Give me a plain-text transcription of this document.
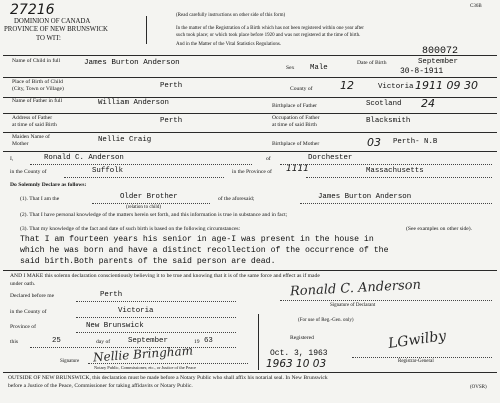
27216
DOMINION OF CANADA
PROVINCE OF NEW BRUNSWICK
TO WIT:
(Read carefully instructions on other side of this form)
C36B
In the matter of the Registration of a Birth which has not been registered within one year after
such took place; or which took place before 1920 and was not registered at the time of birth.
And in the Matter of the Vital Statistics Regulations.
800072
Name of Child in full	James Burton Anderson
Sex Male
Date of Birth	September
30-8-1911
Place of Birth of Child
(City, Town or Village)	Perth	County of 12	Victoria 1911 09 30
Name of Father in full	William Anderson	Birthplace of Father	Scotland 24
Address of Father
at time of said Birth	Perth	Occupation of Father
at time of said Birth	Blacksmith
Maiden Name of
Mother	Nellie Craig	Birthplace of Mother	03 Perth- N.B
I,	Ronald C. Anderson	of	Dorchester
in the County of	Suffolk	in the Province of 1111	Massachusetts
Do Solemnly Declare as follows:
(1). That I am the	Older Brother
(relation to child)
of the aforesaid;	James Burton Anderson
(2). That I have personal knowledge of the matters herein set forth, and this information is true in substance and in fact;
(3). That my knowledge of the fact and date of such birth is based on the following circumstances:	(See examples on other side).
That I am fourteen years his senior in age-I was present in the house in
which he was born and have a distinct recollection of the occurrence of the
said birth.Both parents of the said person are dead.
AND I MAKE this solemn declaration conscientiously believing it to be true and knowing that it is of the same force and effect as if made
under oath.
Declared before me	Perth
in the County of	Victoria
Province of	New Brunswick
this	25	day of September	19 63
Signature Nellie Bringham
Notary Public, Commissioner, etc., or Justice of the Peace
Ronald C. Anderson
Signature of Declarant
(For use of Reg.-Gen. only)
Registered
Oct. 3, 1963
1963 10 03
LGwilby
Registrar-General
OUTSIDE OF NEW BRUNSWICK, this declaration must be made before a Notary Public who shall affix his notarial seal. In New Brunswick
before a Justice of the Peace, Commissioner for taking affidavits or Notary Public.	(OVSR)
